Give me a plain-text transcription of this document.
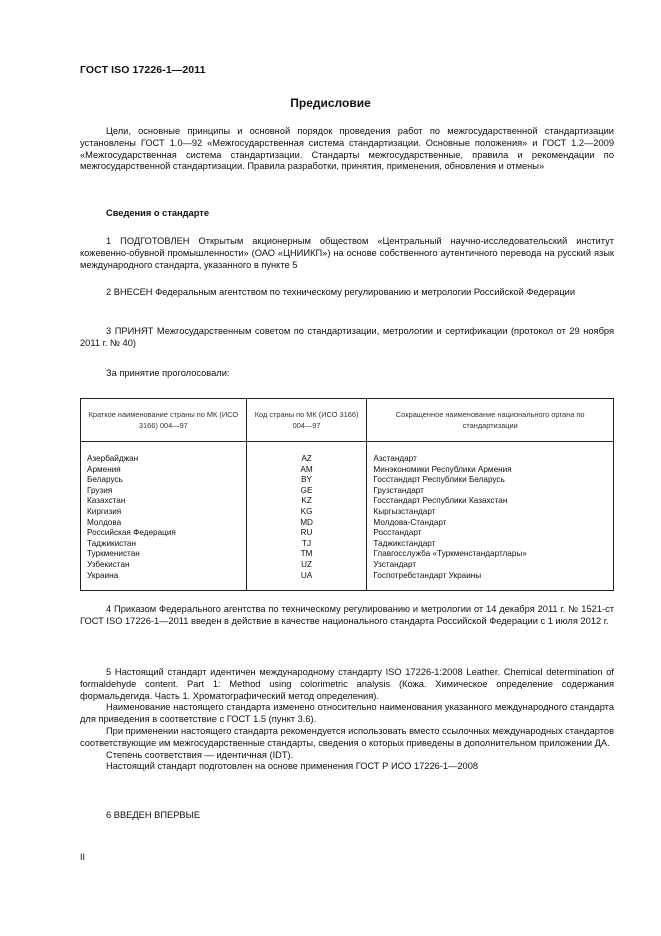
ГОСТ ISO 17226-1—2011
Предисловие

Цели, основные принципы и основной порядок проведения работ по межгосударственной стандартизации установлены ГОСТ 1.0—92 «Межгосударственная система стандартизации. Основные положения» и ГОСТ 1.2—2009 «Межгосударственная система стандартизации. Стандарты межгосударственные, правила и рекомендации по межгосударственной стандартизации. Правила разработки, принятия, применения, обновления и отмены»

Сведения о стандарте

1 ПОДГОТОВЛЕН Открытым акционерным обществом «Центральный научно-исследовательский институт кожевенно-обувной промышленности» (ОАО «ЦНИИКП») на основе собственного аутентичного перевода на русский язык международного стандарта, указанного в пункте 5

2 ВНЕСЕН Федеральным агентством по техническому регулированию и метрологии Российской Федерации

3 ПРИНЯТ Межгосударственным советом по стандартизации, метрологии и сертификации (протокол от 29 ноября 2011 г. № 40)

За принятие проголосовали:
Краткое наименование страны по МК (ИСО 3166) 004—97	Код страны по МК (ИСО 3166) 004—97	Сокращенное наименование национального органа по стандартизации
Азербайджан	AZ	Азстандарт
Армения	AM	Минэкономики Республики Армения
Беларусь	BY	Госстандарт Республики Беларусь
Грузия	GE	Грузстандарт
Казахстан	KZ	Госстандарт Республики Казахстан
Киргизия	KG	Кыргызстандарт
Молдова	MD	Молдова-Стандарт
Российская Федерация	RU	Росстандарт
Таджикистан	TJ	Таджикстандарт
Туркменистан	TM	Главгосслужба «Туркменстандартлары»
Узбекистан	UZ	Узстандарт
Украина	UA	Госпотребстандарт Украины

4 Приказом Федерального агентства по техническому регулированию и метрологии от 14 декабря 2011 г. № 1521-ст ГОСТ ISO 17226-1—2011 введен в действие в качестве национального стандарта Российской Федерации с 1 июля 2012 г.

5 Настоящий стандарт идентичен международному стандарту ISO 17226-1:2008 Leather. Chemical determination of formaldehyde content. Part 1: Method using colorimetric analysis (Кожа. Химическое определение содержания формальдегида. Часть 1. Хроматографический метод определения).

Наименование настоящего стандарта изменено относительно наименования указанного международного стандарта для приведения в соответствие с ГОСТ 1.5 (пункт 3.6).

При применении настоящего стандарта рекомендуется использовать вместо ссылочных международных стандартов соответствующие им межгосударственные стандарты, сведения о которых приведены в дополнительном приложении ДА.

Степень соответствия — идентичная (IDT).

Настоящий стандарт подготовлен на основе применения ГОСТ Р ИСО 17226-1—2008

6 ВВЕДЕН ВПЕРВЫЕ

II
